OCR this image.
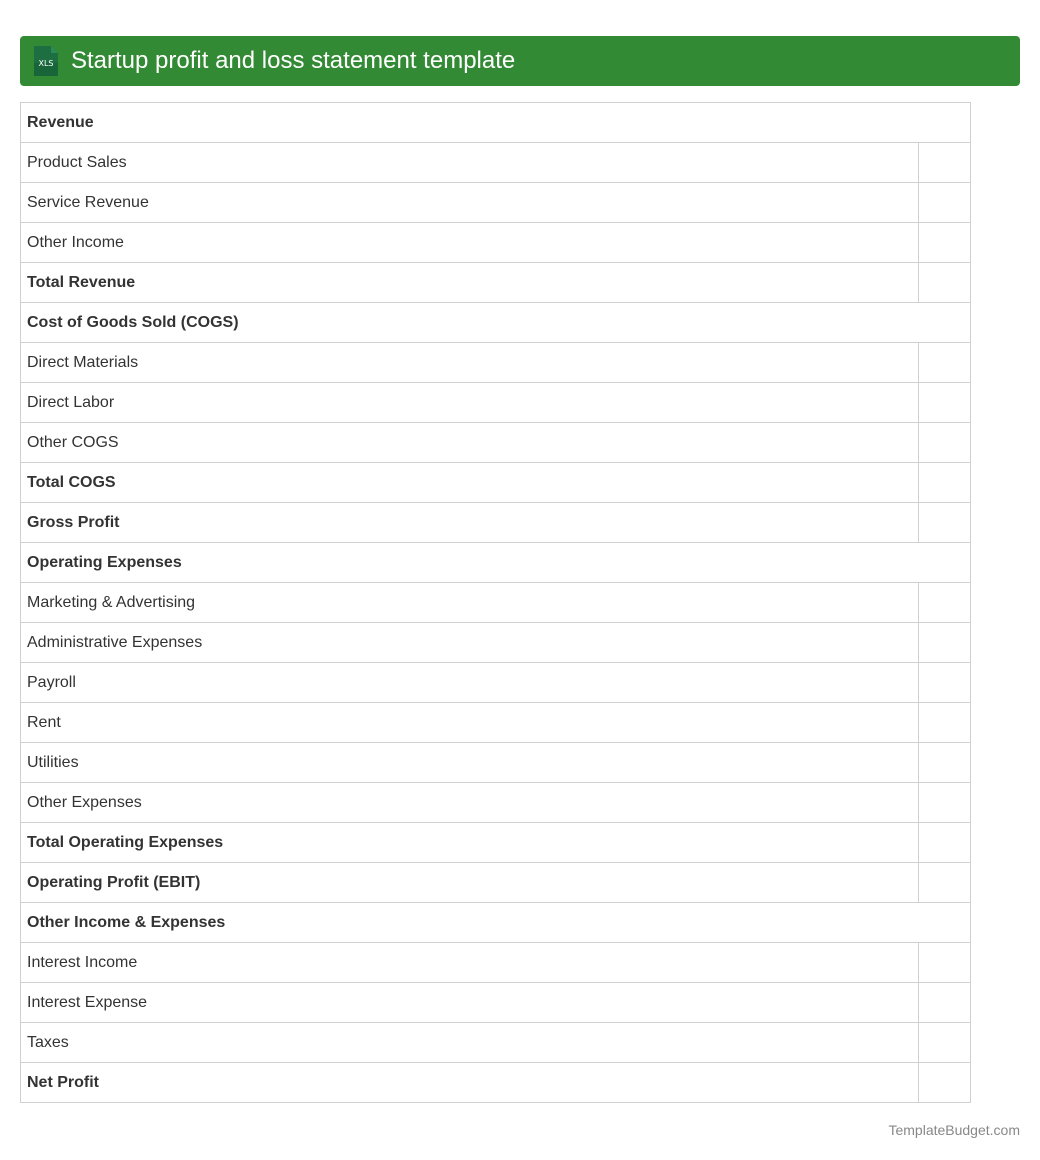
XLS Startup profit and loss statement template
Revenue	
Product Sales	
Service Revenue	
Other Income	
Total Revenue	
Cost of Goods Sold (COGS)	
Direct Materials	
Direct Labor	
Other COGS	
Total COGS	
Gross Profit	
Operating Expenses	
Marketing & Advertising	
Administrative Expenses	
Payroll	
Rent	
Utilities	
Other Expenses	
Total Operating Expenses	
Operating Profit (EBIT)	
Other Income & Expenses	
Interest Income	
Interest Expense	
Taxes	
Net Profit	
TemplateBudget.com
